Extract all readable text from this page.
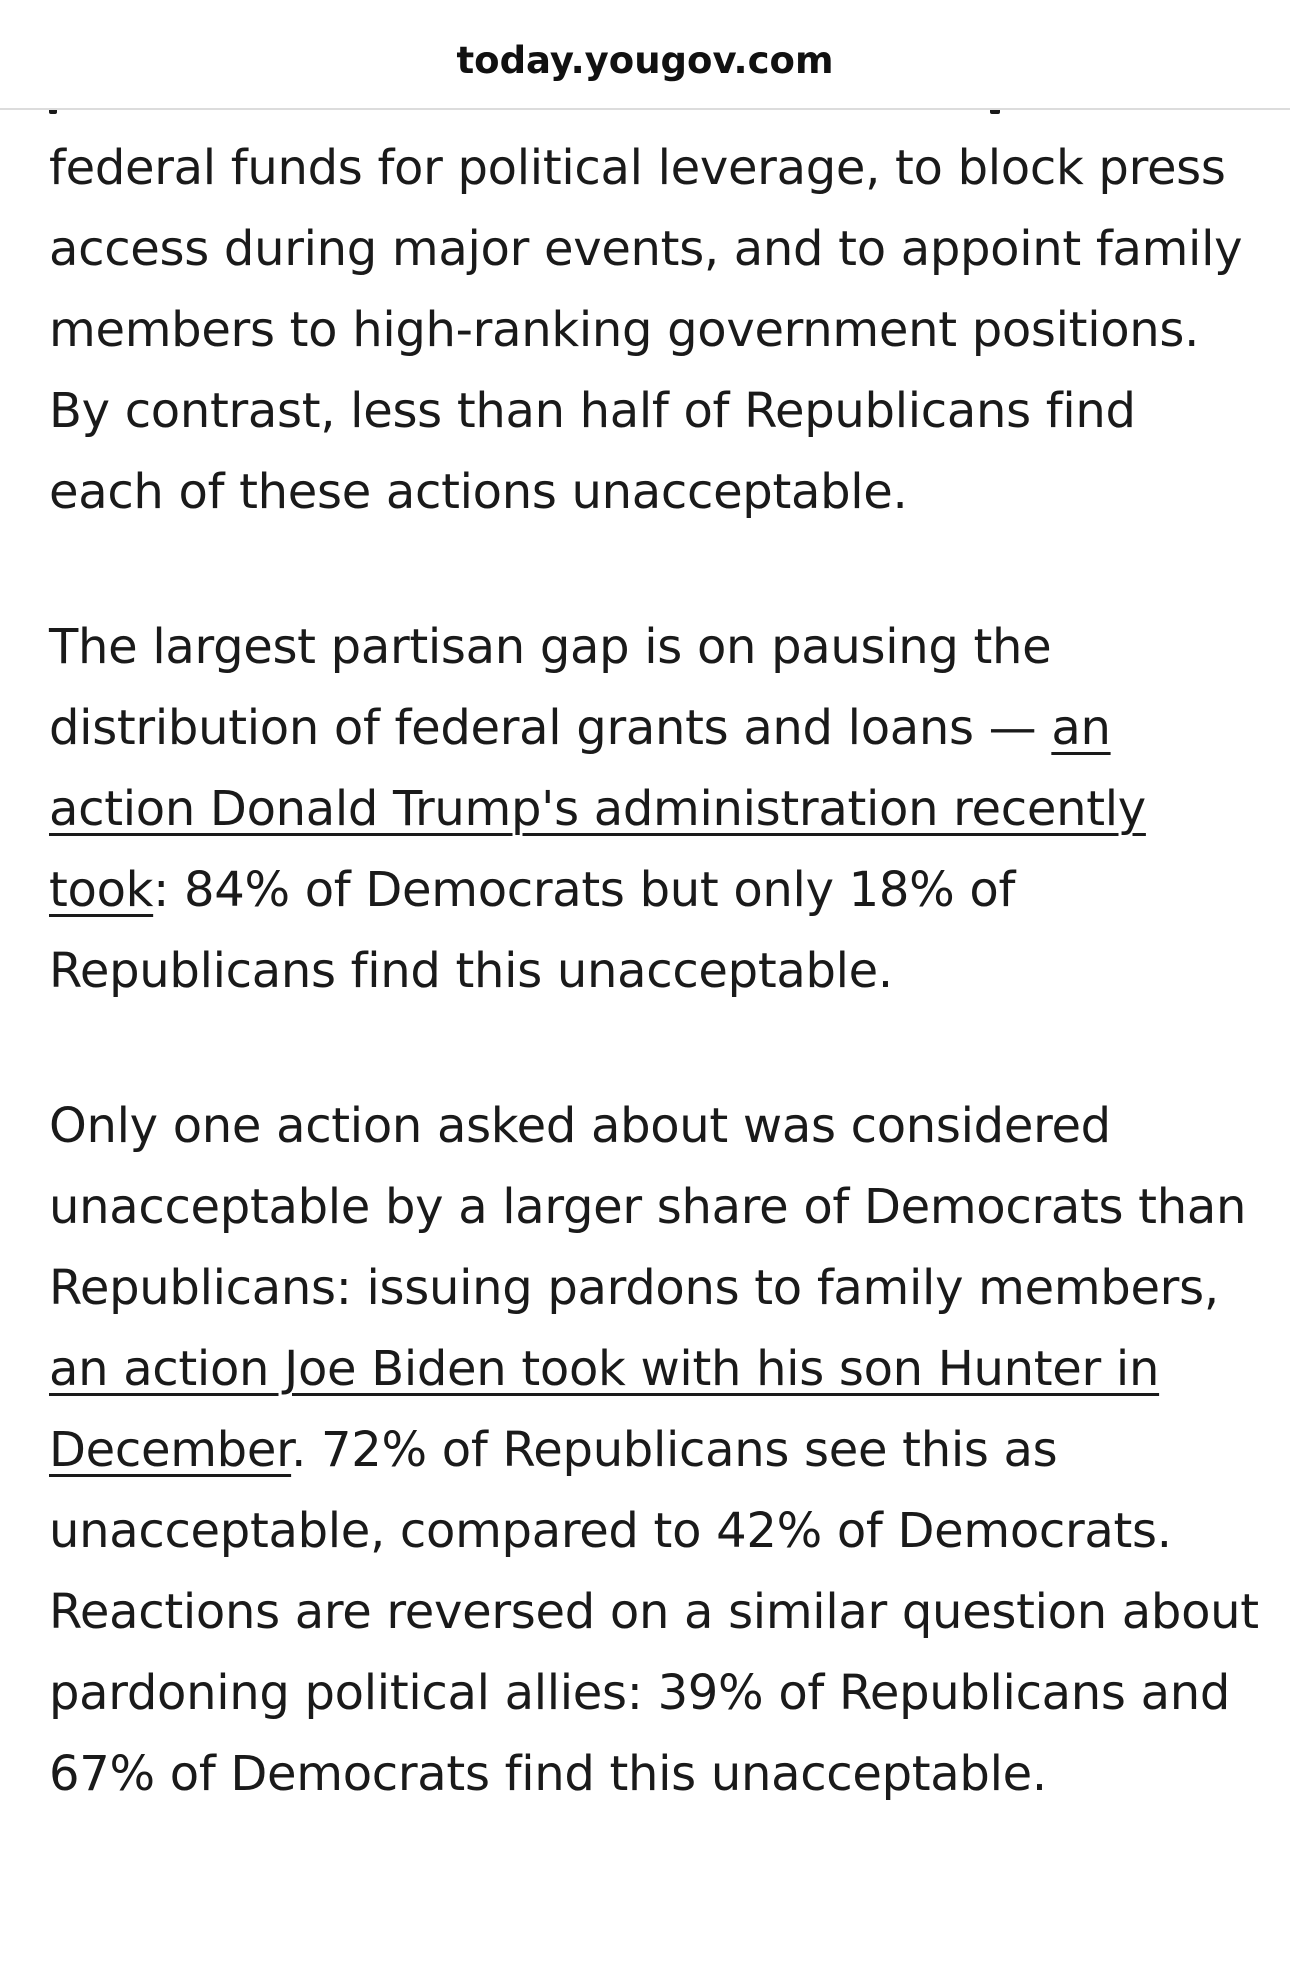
today.yougov.com

federal funds for political leverage, to block press access during major events, and to appoint family members to high-ranking government positions. By contrast, less than half of Republicans find each of these actions unacceptable.

The largest partisan gap is on pausing the distribution of federal grants and loans — an action Donald Trump's administration recently took: 84% of Democrats but only 18% of Republicans find this unacceptable.

Only one action asked about was considered unacceptable by a larger share of Democrats than Republicans: issuing pardons to family members, an action Joe Biden took with his son Hunter in December. 72% of Republicans see this as unacceptable, compared to 42% of Democrats. Reactions are reversed on a similar question about pardoning political allies: 39% of Republicans and 67% of Democrats find this unacceptable.
